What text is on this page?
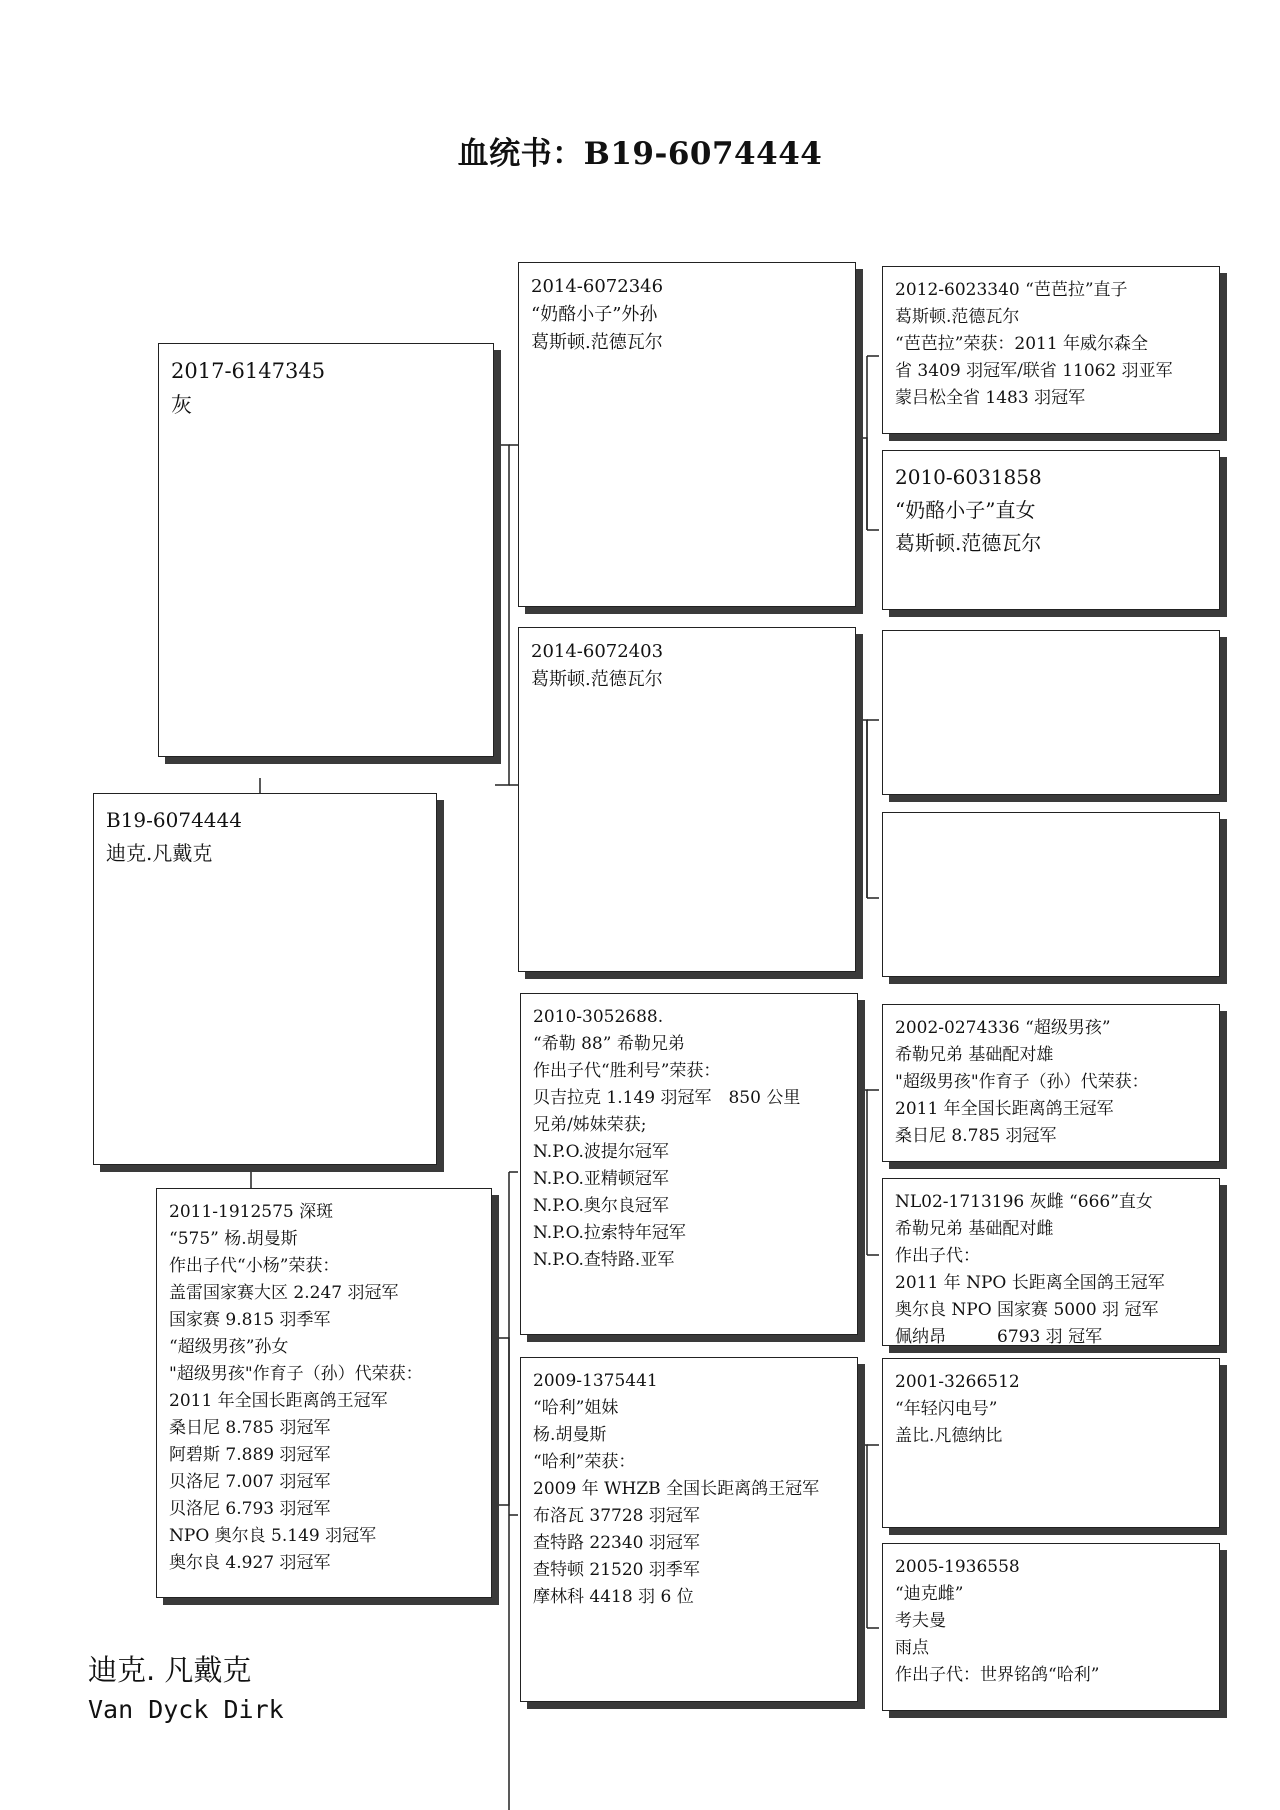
血统书：B19-6074444
B19-6074444
迪克.凡戴克
2017-6147345
灰
2011-1912575 深斑
“575” 杨.胡曼斯
作出子代“小杨”荣获：
盖雷国家赛大区 2.247 羽冠军
国家赛 9.815 羽季军
“超级男孩”孙女
"超级男孩"作育子（孙）代荣获：
2011 年全国长距离鸽王冠军
桑日尼 8.785 羽冠军
阿碧斯 7.889 羽冠军
贝洛尼 7.007 羽冠军
贝洛尼 6.793 羽冠军
NPO 奥尔良 5.149 羽冠军
奥尔良 4.927 羽冠军
2014-6072346
“奶酪小子”外孙
葛斯顿.范德瓦尔
2014-6072403
葛斯顿.范德瓦尔
2010-3052688.
“希勒 88” 希勒兄弟
作出子代“胜利号”荣获：
贝吉拉克 1.149 羽冠军　850 公里
兄弟/姊妹荣获;
N.P.O.波提尔冠军
N.P.O.亚精顿冠军
N.P.O.奥尔良冠军
N.P.O.拉索特年冠军
N.P.O.查特路.亚军
2009-1375441
“哈利”姐妹
杨.胡曼斯
“哈利”荣获：
2009 年 WHZB 全国长距离鸽王冠军
布洛瓦 37728 羽冠军
查特路 22340 羽冠军
查特顿 21520 羽季军
摩林科 4418 羽 6 位
2012-6023340 “芭芭拉”直子
葛斯顿.范德瓦尔
“芭芭拉”荣获：2011 年威尔森全
省 3409 羽冠军/联省 11062 羽亚军
蒙吕松全省 1483 羽冠军
2010-6031858
“奶酪小子”直女
葛斯顿.范德瓦尔
2002-0274336 “超级男孩”
希勒兄弟 基础配对雄
"超级男孩"作育子（孙）代荣获：
2011 年全国长距离鸽王冠军
桑日尼 8.785 羽冠军
NL02-1713196 灰雌 “666”直女
希勒兄弟 基础配对雌
作出子代：
2011 年 NPO 长距离全国鸽王冠军
奥尔良 NPO 国家赛 5000 羽 冠军
佩纳昂　　　6793 羽 冠军
2001-3266512
“年轻闪电号”
盖比.凡德纳比
2005-1936558
“迪克雌”
考夫曼
雨点
作出子代：世界铭鸽“哈利”
迪克. 凡戴克
Van Dyck Dirk
